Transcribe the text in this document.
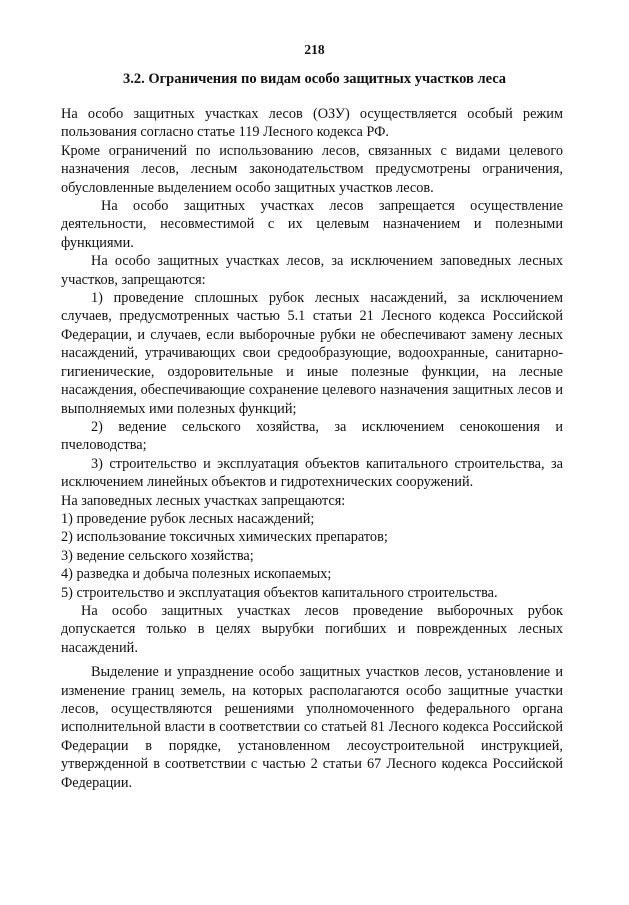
218
3.2. Ограничения по видам особо защитных участков леса

На особо защитных участках лесов (ОЗУ) осуществляется особый режим пользования согласно статье 119 Лесного кодекса РФ.

Кроме ограничений по использованию лесов, связанных с видами целевого назначения лесов, лесным законодательством предусмотрены ограничения, обусловленные выделением особо защитных участков лесов.

На особо защитных участках лесов запрещается осуществление деятельности, несовместимой с их целевым назначением и полезными функциями.

На особо защитных участках лесов, за исключением заповедных лесных участков, запрещаются:

1) проведение сплошных рубок лесных насаждений, за исключением случаев, предусмотренных частью 5.1 статьи 21 Лесного кодекса Российской Федерации, и случаев, если выборочные рубки не обеспечивают замену лесных насаждений, утрачивающих свои средообразующие, водоохранные, санитарно-гигиенические, оздоровительные и иные полезные функции, на лесные насаждения, обеспечивающие сохранение целевого назначения защитных лесов и выполняемых ими полезных функций;

2) ведение сельского хозяйства, за исключением сенокошения и пчеловодства;

3) строительство и эксплуатация объектов капитального строительства, за исключением линейных объектов и гидротехнических сооружений.

На заповедных лесных участках запрещаются:

1) проведение рубок лесных насаждений;

2) использование токсичных химических препаратов;

3) ведение сельского хозяйства;

4) разведка и добыча полезных ископаемых;

5) строительство и эксплуатация объектов капитального строительства.

На особо защитных участках лесов проведение выборочных рубок допускается только в целях вырубки погибших и поврежденных лесных насаждений.

Выделение и упразднение особо защитных участков лесов, установление и изменение границ земель, на которых располагаются особо защитные участки лесов, осуществляются решениями уполномоченного федерального органа исполнительной власти в соответствии со статьей 81 Лесного кодекса Российской Федерации в порядке, установленном лесоустроительной инструкцией, утвержденной в соответствии с частью 2 статьи 67 Лесного кодекса Российской Федерации.
